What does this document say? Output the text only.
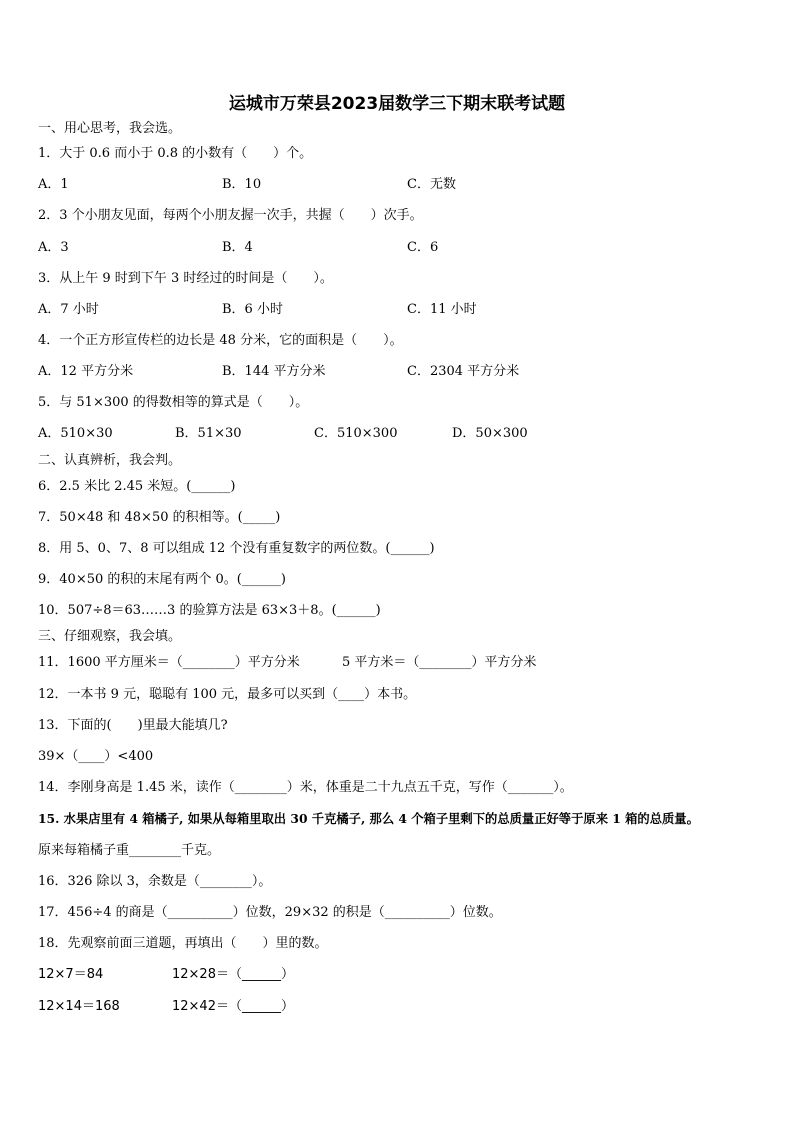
运城市万荣县2023届数学三下期末联考试题
一、用心思考，我会选。
1．大于 0.6 而小于 0.8 的小数有（　　）个。
A．1	B．10	C．无数
2．3 个小朋友见面，每两个小朋友握一次手，共握（　　）次手。
A．3	B．4	C．6
3．从上午 9 时到下午 3 时经过的时间是（　　）。
A．7 小时	B．6 小时	C．11 小时
4．一个正方形宣传栏的边长是 48 分米，它的面积是（　　）。
A．12 平方分米	B．144 平方分米	C．2304 平方分米
5．与 51×300 的得数相等的算式是（　　）。
A．510×30	B．51×30	C．510×300	D．50×300
二、认真辨析，我会判。
6．2.5 米比 2.45 米短。(______)
7．50×48 和 48×50 的积相等。(_____)
8．用 5、0、7、8 可以组成 12 个没有重复数字的两位数。(______)
9．40×50 的积的末尾有两个 0。(______)
10．507÷8＝63……3 的验算方法是 63×3＋8。(______)
三、仔细观察，我会填。
11．1600 平方厘米＝（________）平方分米	5 平方米＝（________）平方分米
12．一本书 9 元，聪聪有 100 元，最多可以买到（____）本书。
13．下面的(　　)里最大能填几?
39×（____）<400
14．李刚身高是 1.45 米，读作（________）米，体重是二十九点五千克，写作（_______）。
15. 水果店里有 4 箱橘子, 如果从每箱里取出 30 千克橘子, 那么 4 个箱子里剩下的总质量正好等于原来 1 箱的总质量。
原来每箱橘子重________千克。
16．326 除以 3，余数是（________）。
17．456÷4 的商是（__________）位数，29×32 的积是（__________）位数。
18．先观察前面三道题，再填出（　　）里的数。
12×7＝84	12×28＝（______）
12×14＝168	12×42＝（______）
